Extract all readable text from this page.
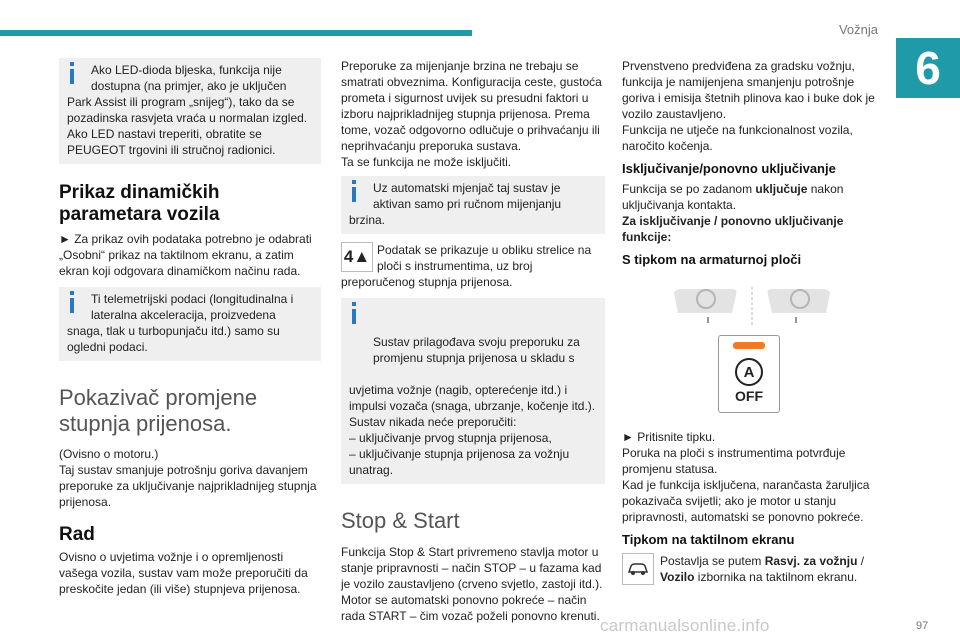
Vožnja
6
Ako LED-dioda bljeska, funkcija nije dostupna (na primjer, ako je uključen
Park Assist ili program „snijeg“), tako da se pozadinska rasvjeta vraća u normalan izgled. Ako LED nastavi treperiti, obratite se PEUGEOT trgovini ili stručnoj radionici.
Prikaz dinamičkih parametara vozila

► Za prikaz ovih podataka potrebno je odabrati „Osobni“ prikaz na taktilnom ekranu, a zatim ekran koji odgovara dinamičkom načinu rada.

Ti telemetrijski podaci (longitudinalna i lateralna akceleracija, proizvedena
snaga, tlak u turbopunjaču itd.) samo su ogledni podaci.
Pokazivač promjene stupnja prijenosa.

(Ovisno o motoru.)
Taj sustav smanjuje potrošnju goriva davanjem preporuke za uključivanje najprikladnijeg stupnja prijenosa.

Rad

Ovisno o uvjetima vožnje i o opremljenosti vašega vozila, sustav vam može preporučiti da preskočite jedan (ili više) stupnjeva prijenosa.

Preporuke za mijenjanje brzina ne trebaju se smatrati obveznima. Konfiguracija ceste, gustoća prometa i sigurnost uvijek su presudni faktori u izboru najprikladnijeg stupnja prijenosa. Prema tome, vozač odgovorno odlučuje o prihvaćanju ili neprihvaćanju preporuka sustava.
Ta se funkcija ne može isključiti.

Uz automatski mjenjač taj sustav je aktivan samo pri ručnom mijenjanju
brzina.
4▲ Podatak se prikazuje u obliku strelice na ploči s instrumentima, uz broj

preporučenog stupnja prijenosa.

Sustav prilagođava svoju preporuku za promjenu stupnja prijenosa u skladu s

uvjetima vožnje (nagib, opterećenje itd.) i impulsi vozača (snaga, ubrzanje, kočenje itd.).
Sustav nikada neće preporučiti:
– uključivanje prvog stupnja prijenosa,
– uključivanje stupnja prijenosa za vožnju unatrag.

Stop & Start

Funkcija Stop & Start privremeno stavlja motor u stanje pripravnosti – način STOP – u fazama kad je vozilo zaustavljeno (crveno svjetlo, zastoji itd.). Motor se automatski ponovno pokreće – način rada START – čim vozač poželi ponovno krenuti.

Prvenstveno predviđena za gradsku vožnju, funkcija je namijenjena smanjenju potrošnje goriva i emisija štetnih plinova kao i buke dok je vozilo zaustavljeno.
Funkcija ne utječe na funkcionalnost vozila, naročito kočenja.

Isključivanje/ponovno uključivanje

Funkcija se po zadanom uključuje nakon uključivanja kontakta.

Za isključivanje / ponovno uključivanje funkcije:

S tipkom na armaturnoj ploči
A
OFF

► Pritisnite tipku.
Poruka na ploči s instrumentima potvrđuje promjenu statusa.
Kad je funkcija isključena, narančasta žaruljica pokazivača svijetli; ako je motor u stanju pripravnosti, automatski se ponovno pokreće.

Tipkom na taktilnom ekranu

Postavlja se putem Rasvj. za vožnju / Vozilo izbornika na taktilnom ekranu.

carmanualsonline.info	97
